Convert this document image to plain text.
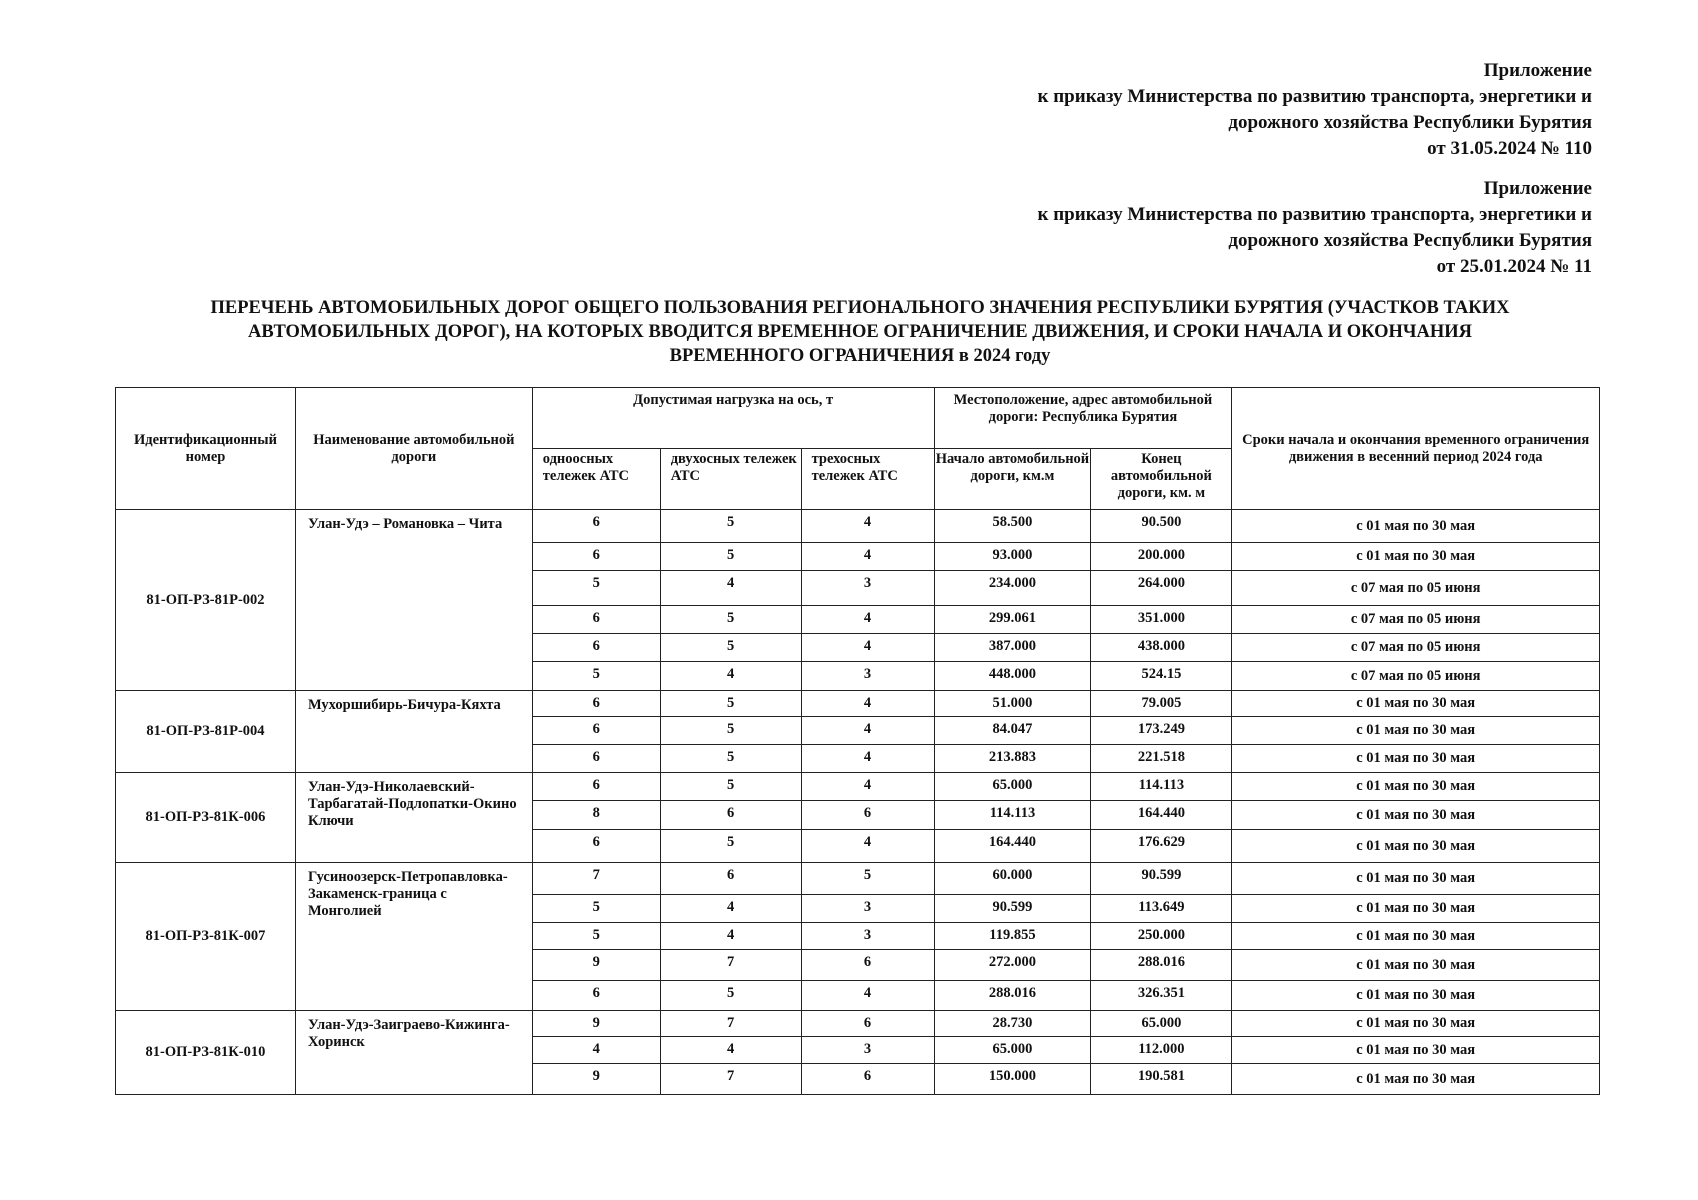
Приложение
к приказу Министерства по развитию транспорта, энергетики и
дорожного хозяйства Республики Бурятия
от 31.05.2024 № 110
Приложение
к приказу Министерства по развитию транспорта, энергетики и
дорожного хозяйства Республики Бурятия
от 25.01.2024 № 11
ПЕРЕЧЕНЬ АВТОМОБИЛЬНЫХ ДОРОГ ОБЩЕГО ПОЛЬЗОВАНИЯ РЕГИОНАЛЬНОГО ЗНАЧЕНИЯ РЕСПУБЛИКИ БУРЯТИЯ (УЧАСТКОВ ТАКИХ
АВТОМОБИЛЬНЫХ ДОРОГ), НА КОТОРЫХ ВВОДИТСЯ ВРЕМЕННОЕ ОГРАНИЧЕНИЕ ДВИЖЕНИЯ, И СРОКИ НАЧАЛА И ОКОНЧАНИЯ
ВРЕМЕННОГО ОГРАНИЧЕНИЯ в 2024 году
Идентификационный номер	Наименование автомобильной дороги	Допустимая нагрузка на ось, т			Местоположение, адрес автомобильной дороги: Республика Бурятия		Сроки начала и окончания временного ограничения движения в весенний период 2024 года
		одноосных тележек АТС	двухосных тележек АТС	трехосных тележек АТС	Начало автомобильной дороги, км.м	Конец автомобильной дороги, км. м	
81-ОП-РЗ-81Р-002	Улан-Удэ – Романовка – Чита	6	5	4	58.500	90.500	с 01 мая по 30 мая
		6	5	4	93.000	200.000	с 01 мая по 30 мая
		5	4	3	234.000	264.000	с 07 мая по 05 июня
		6	5	4	299.061	351.000	с 07 мая по 05 июня
		6	5	4	387.000	438.000	с 07 мая по 05 июня
		5	4	3	448.000	524.15	с 07 мая по 05 июня
81-ОП-РЗ-81Р-004	Мухоршибирь-Бичура-Кяхта	6	5	4	51.000	79.005	с 01 мая по 30 мая
		6	5	4	84.047	173.249	с 01 мая по 30 мая
		6	5	4	213.883	221.518	с 01 мая по 30 мая
81-ОП-РЗ-81К-006	Улан-Удэ-Николаевский-Тарбагатай-Подлопатки-Окино Ключи	6	5	4	65.000	114.113	с 01 мая по 30 мая
		8	6	6	114.113	164.440	с 01 мая по 30 мая
		6	5	4	164.440	176.629	с 01 мая по 30 мая
81-ОП-РЗ-81К-007	Гусиноозерск-Петропавловка-Закаменск-граница с Монголией	7	6	5	60.000	90.599	с 01 мая по 30 мая
		5	4	3	90.599	113.649	с 01 мая по 30 мая
		5	4	3	119.855	250.000	с 01 мая по 30 мая
		9	7	6	272.000	288.016	с 01 мая по 30 мая
		6	5	4	288.016	326.351	с 01 мая по 30 мая
81-ОП-РЗ-81К-010	Улан-Удэ-Заиграево-Кижинга-Хоринск	9	7	6	28.730	65.000	с 01 мая по 30 мая
		4	4	3	65.000	112.000	с 01 мая по 30 мая
		9	7	6	150.000	190.581	с 01 мая по 30 мая
